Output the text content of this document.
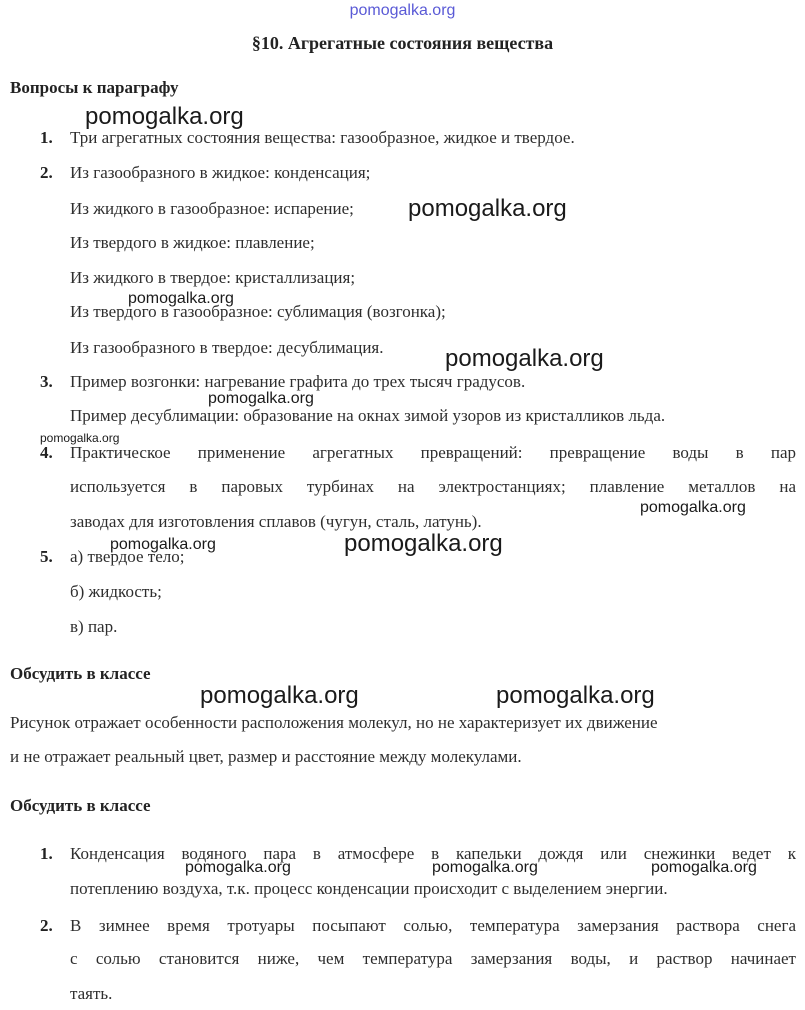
pomogalka.org
§10. Агрегатные состояния вещества
Вопросы к параграфу
1. Три агрегатных состояния вещества: газообразное, жидкое и твердое.
2. Из газообразного в жидкое: конденсация;
Из жидкого в газообразное: испарение;
Из твердого в жидкое: плавление;
Из жидкого в твердое: кристаллизация;
Из твердого в газообразное: сублимация (возгонка);
Из газообразного в твердое: десублимация.
3. Пример возгонки: нагревание графита до трех тысяч градусов.
Пример десублимации: образование на окнах зимой узоров из кристалликов льда.
4. Практическое применение агрегатных превращений: превращение воды в пар
используется в паровых турбинах на электростанциях; плавление металлов на
заводах для изготовления сплавов (чугун, сталь, латунь).
5. а) твердое тело;
б) жидкость;
в) пар.
Обсудить в классе
Рисунок отражает особенности расположения молекул, но не характеризует их движение
и не отражает реальный цвет, размер и расстояние между молекулами.
Обсудить в классе
1. Конденсация водяного пара в атмосфере в капельки дождя или снежинки ведет к
потеплению воздуха, т.к. процесс конденсации происходит с выделением энергии.
2. В зимнее время тротуары посыпают солью, температура замерзания раствора снега
с солью становится ниже, чем температура замерзания воды, и раствор начинает
таять.
pomogalka.org
pomogalka.org
pomogalka.org
pomogalka.org
pomogalka.org
pomogalka.org
pomogalka.org
pomogalka.org	pomogalka.org
pomogalka.org	pomogalka.org
pomogalka.org	pomogalka.org	pomogalka.org
